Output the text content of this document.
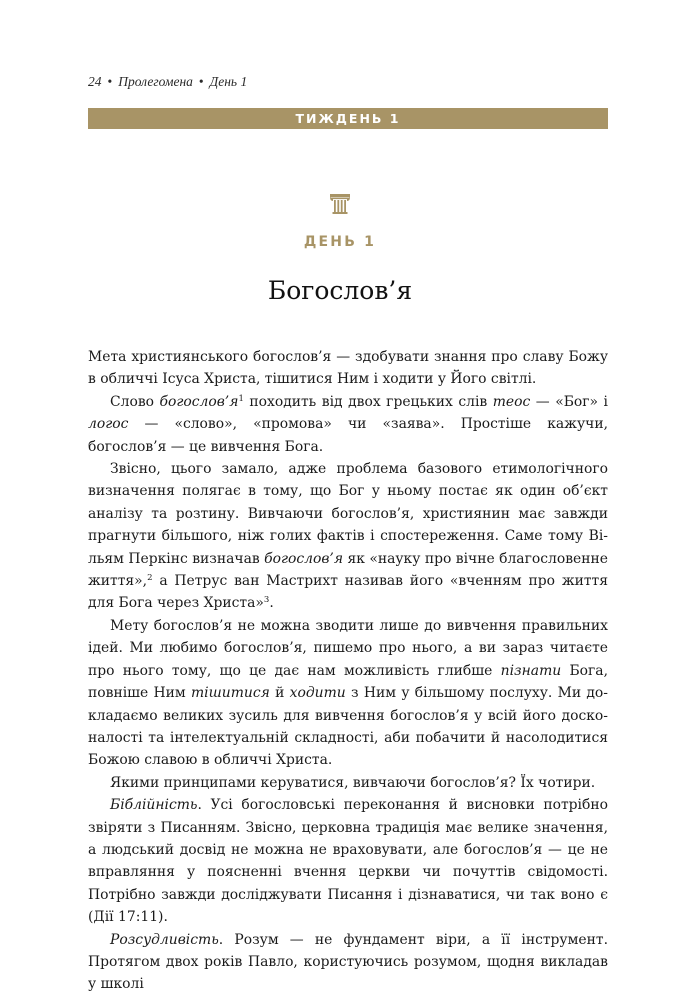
24 • Пролегомена • День 1
ТИЖДЕНЬ 1
ДЕНЬ 1
Богослов’я

Мета християнського богослов’я — здобувати знання про славу Божу в обличчі Ісуса Христа, тішитися Ним і ходити у Його світлі.

Слово $богослов’я^1$ походить від двох грецьких слів теос — «Бог» і логос — «слово», «промова» чи «заява». Простіше кажучи, богослов’я — це вивчення Бога.

Звісно, цього замало, адже проблема базового етимологічного визначення полягає в тому, що Бог у ньому постає як один об’єкт аналізу та розтину. Вивчаючи богослов’я, християнин має завжди прагнути більшого, ніж голих фактів і спостереження. Саме тому Вільям Перкінс визначав богослов’я як «науку про вічне благословенне життя»,$^2$ а Петрус ван Мастрихт називав його «вченням про життя для Бога через Христа»$^3$.

Мету богослов’я не можна зводити лише до вивчення правильних ідей. Ми любимо богослов’я, пишемо про нього, а ви зараз читаєте про нього тому, що це дає нам можливість глибше пізнати Бога, повніше Ним тішитися й ходити з Ним у більшому послуху. Ми докладаємо великих зусиль для вивчення богослов’я у всій його досконалості та інтелектуальній складності, аби побачити й насолодитися Божою славою в обличчі Христа.

Якими принципами керуватися, вивчаючи богослов’я? Їх чотири.

Біблійність. Усі богословські переконання й висновки потрібно звіряти з Писанням. Звісно, церковна традиція має велике значення, а людський досвід не можна не враховувати, але богослов’я — це не вправляння у поясненні вчення церкви чи почуттів свідомості. Потрібно завжди досліджувати Писання і дізнаватися, чи так воно є (Дії 17:11).

Розсудливість. Розум — не фундамент віри, а її інструмент. Протягом двох років Павло, користуючись розумом, щодня викладав у школі
